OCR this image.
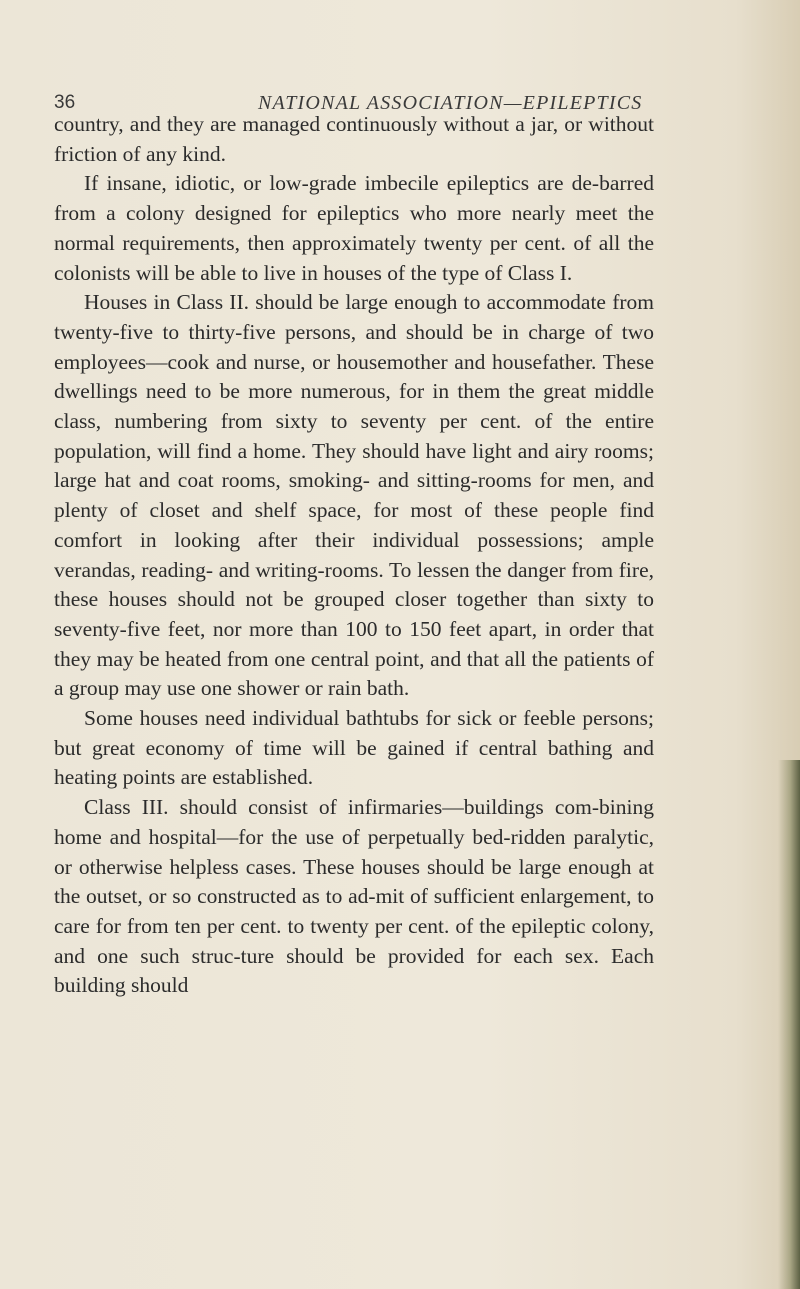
36	NATIONAL ASSOCIATION—EPILEPTICS

country, and they are managed continuously without a jar, or without friction of any kind.

If insane, idiotic, or low-grade imbecile epileptics are de-barred from a colony designed for epileptics who more nearly meet the normal requirements, then approximately twenty per cent. of all the colonists will be able to live in houses of the type of Class I.

Houses in Class II. should be large enough to accommodate from twenty-five to thirty-five persons, and should be in charge of two employees—cook and nurse, or housemother and housefather. These dwellings need to be more numerous, for in them the great middle class, numbering from sixty to seventy per cent. of the entire population, will find a home. They should have light and airy rooms; large hat and coat rooms, smoking- and sitting-rooms for men, and plenty of closet and shelf space, for most of these people find comfort in looking after their individual possessions; ample verandas, reading- and writing-rooms. To lessen the danger from fire, these houses should not be grouped closer together than sixty to seventy-five feet, nor more than 100 to 150 feet apart, in order that they may be heated from one central point, and that all the patients of a group may use one shower or rain bath.

Some houses need individual bathtubs for sick or feeble persons; but great economy of time will be gained if central bathing and heating points are established.

Class III. should consist of infirmaries—buildings com-bining home and hospital—for the use of perpetually bed-ridden paralytic, or otherwise helpless cases. These houses should be large enough at the outset, or so constructed as to ad-mit of sufficient enlargement, to care for from ten per cent. to twenty per cent. of the epileptic colony, and one such struc-ture should be provided for each sex. Each building should
